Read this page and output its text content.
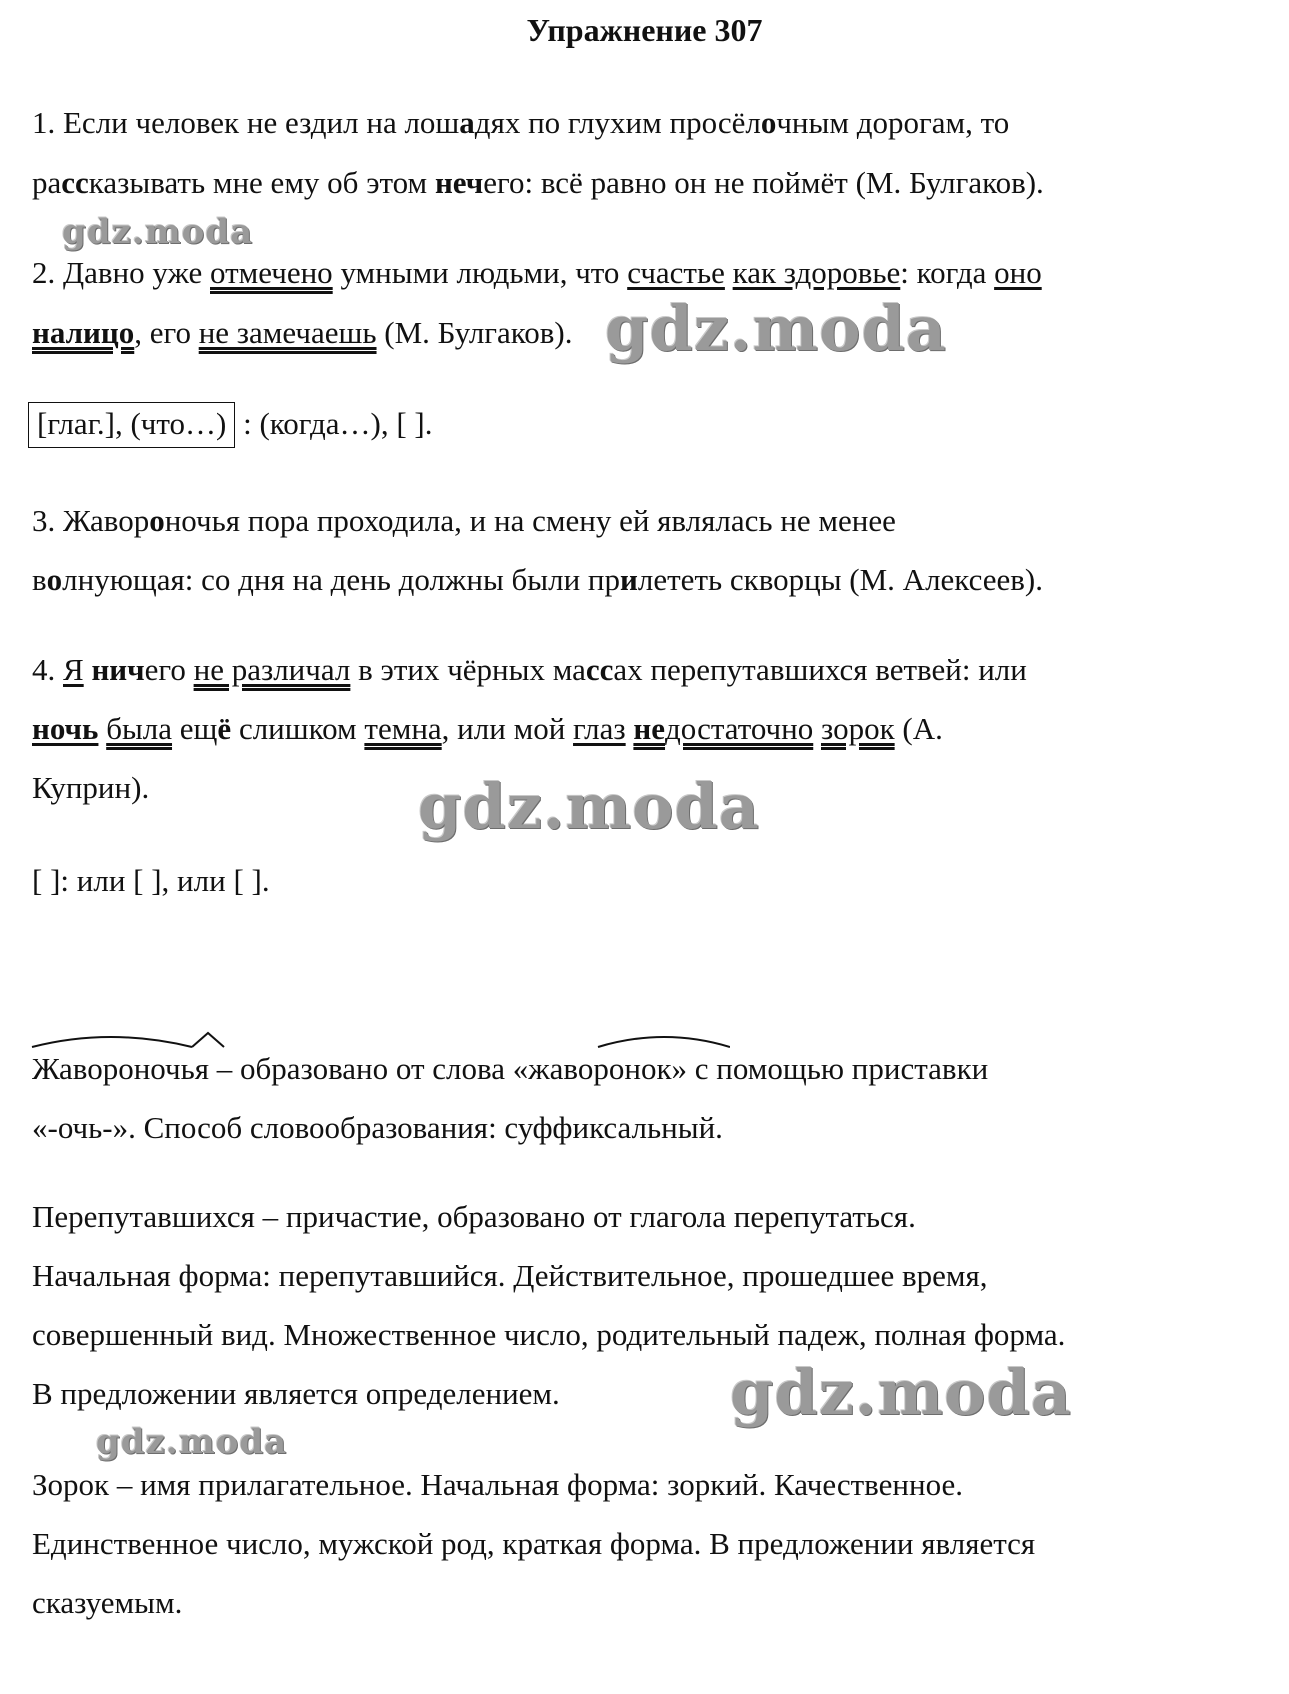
Упражнение 307
1. Если человек не ездил на лошадях по глухим просёлочным дорогам, то
рассказывать мне ему об этом нечего: всё равно он не поймёт (М. Булгаков).
gdz.moda
2. Давно уже отмечено умными людьми, что счастье как здоровье: когда оно
налицо, его не замечаешь (М. Булгаков). gdz.moda
[глаг.], (что…) : (когда…), [ ].
3. Жавороночья пора проходила, и на смену ей являлась не менее
волнующая: со дня на день должны были прилететь скворцы (М. Алексеев).
4. Я ничего не различал в этих чёрных массах перепутавшихся ветвей: или
ночь была ещё слишком темна, или мой глаз недостаточно зорок (А.
Куприн).	gdz.moda
[ ]: или [ ], или [ ].
Жавороночья – образовано от слова «жаворонок» с помощью приставки
«-очь-». Способ словообразования: суффиксальный.
Перепутавшихся – причастие, образовано от глагола перепутаться.
Начальная форма: перепутавшийся. Действительное, прошедшее время,
совершенный вид. Множественное число, родительный падеж, полная форма.
В предложении является определением.	gdz.moda
gdz.moda
Зорок – имя прилагательное. Начальная форма: зоркий. Качественное.
Единственное число, мужской род, краткая форма. В предложении является
сказуемым.
